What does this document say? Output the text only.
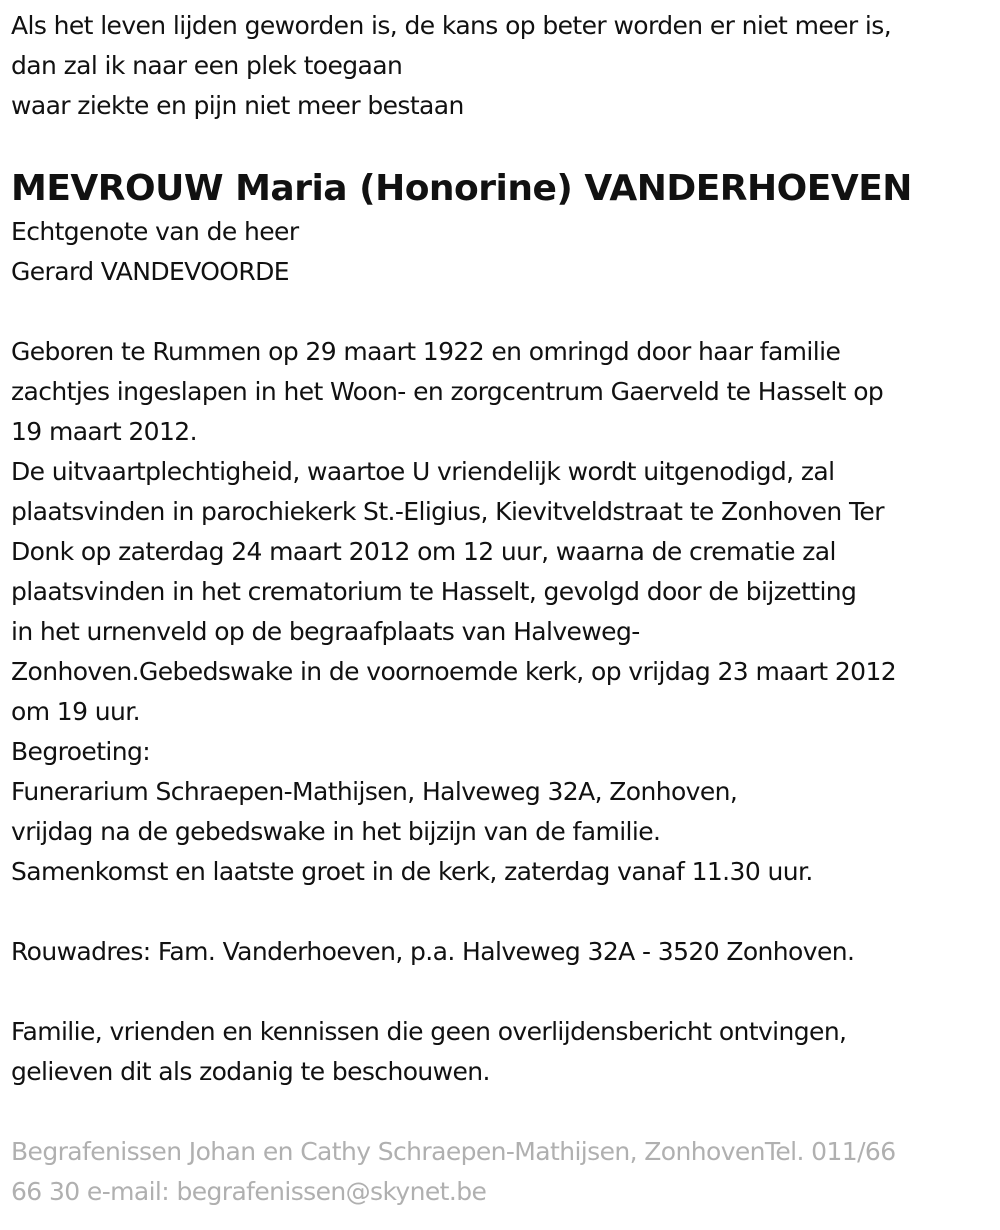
Als het leven lijden geworden is, de kans op beter worden er niet meer is,
dan zal ik naar een plek toegaan
waar ziekte en pijn niet meer bestaan
MEVROUW Maria (Honorine) VANDERHOEVEN
Echtgenote van de heer
Gerard VANDEVOORDE
Geboren te Rummen op 29 maart 1922 en omringd door haar familie
zachtjes ingeslapen in het Woon- en zorgcentrum Gaerveld te Hasselt op
19 maart 2012.
De uitvaartplechtigheid, waartoe U vriendelijk wordt uitgenodigd, zal
plaatsvinden in parochiekerk St.-Eligius, Kievitveldstraat te Zonhoven Ter
Donk op zaterdag 24 maart 2012 om 12 uur, waarna de crematie zal
plaatsvinden in het crematorium te Hasselt, gevolgd door de bijzetting
in het urnenveld op de begraafplaats van Halveweg-
Zonhoven.Gebedswake in de voornoemde kerk, op vrijdag 23 maart 2012
om 19 uur.
Begroeting:
Funerarium Schraepen-Mathijsen, Halveweg 32A, Zonhoven,
vrijdag na de gebedswake in het bijzijn van de familie.
Samenkomst en laatste groet in de kerk, zaterdag vanaf 11.30 uur.
Rouwadres: Fam. Vanderhoeven, p.a. Halveweg 32A - 3520 Zonhoven.
Familie, vrienden en kennissen die geen overlijdensbericht ontvingen,
gelieven dit als zodanig te beschouwen.
Begrafenissen Johan en Cathy Schraepen-Mathijsen, ZonhovenTel. 011/66
66 30 e-mail: begrafenissen@skynet.be
